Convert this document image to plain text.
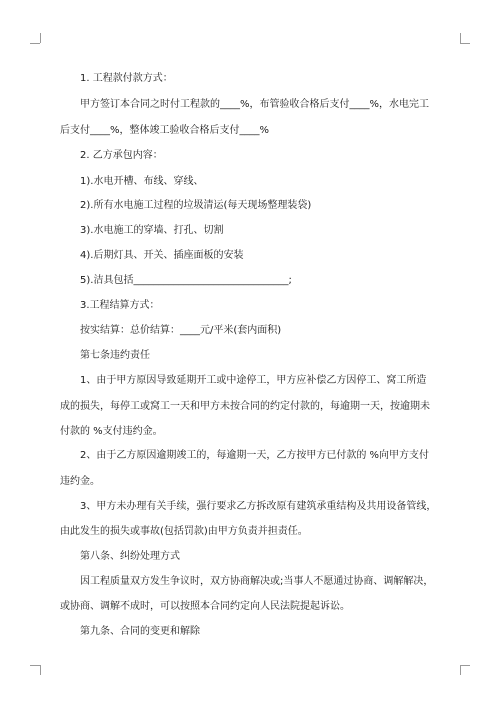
1. 工程款付款方式：
甲方签订本合同之时付工程款的____%，布管验收合格后支付____%，水电完工
后支付____%，整体竣工验收合格后支付____%
2. 乙方承包内容：
1).水电开槽、布线、穿线、
2).所有水电施工过程的垃圾清运(每天现场整理装袋)
3).水电施工的穿墙、打孔、切割
4).后期灯具、开关、插座面板的安装
5).洁具包括_______________________________;
3.工程结算方式：
按实结算：总价结算：____元/平米(套内面积)
第七条违约责任
1、由于甲方原因导致延期开工或中途停工，甲方应补偿乙方因停工、窝工所造
成的损失，每停工或窝工一天和甲方未按合同的约定付款的，每逾期一天，按逾期未
付款的 %支付违约金。
2、由于乙方原因逾期竣工的，每逾期一天，乙方按甲方已付款的 %向甲方支付
违约金。
3、甲方未办理有关手续，强行要求乙方拆改原有建筑承重结构及共用设备管线，
由此发生的损失或事故(包括罚款)由甲方负责并担责任。
第八条、纠纷处理方式
因工程质量双方发生争议时，双方协商解决或;当事人不愿通过协商、调解解决，
或协商、调解不成时，可以按照本合同约定向人民法院提起诉讼。
第九条、合同的变更和解除
